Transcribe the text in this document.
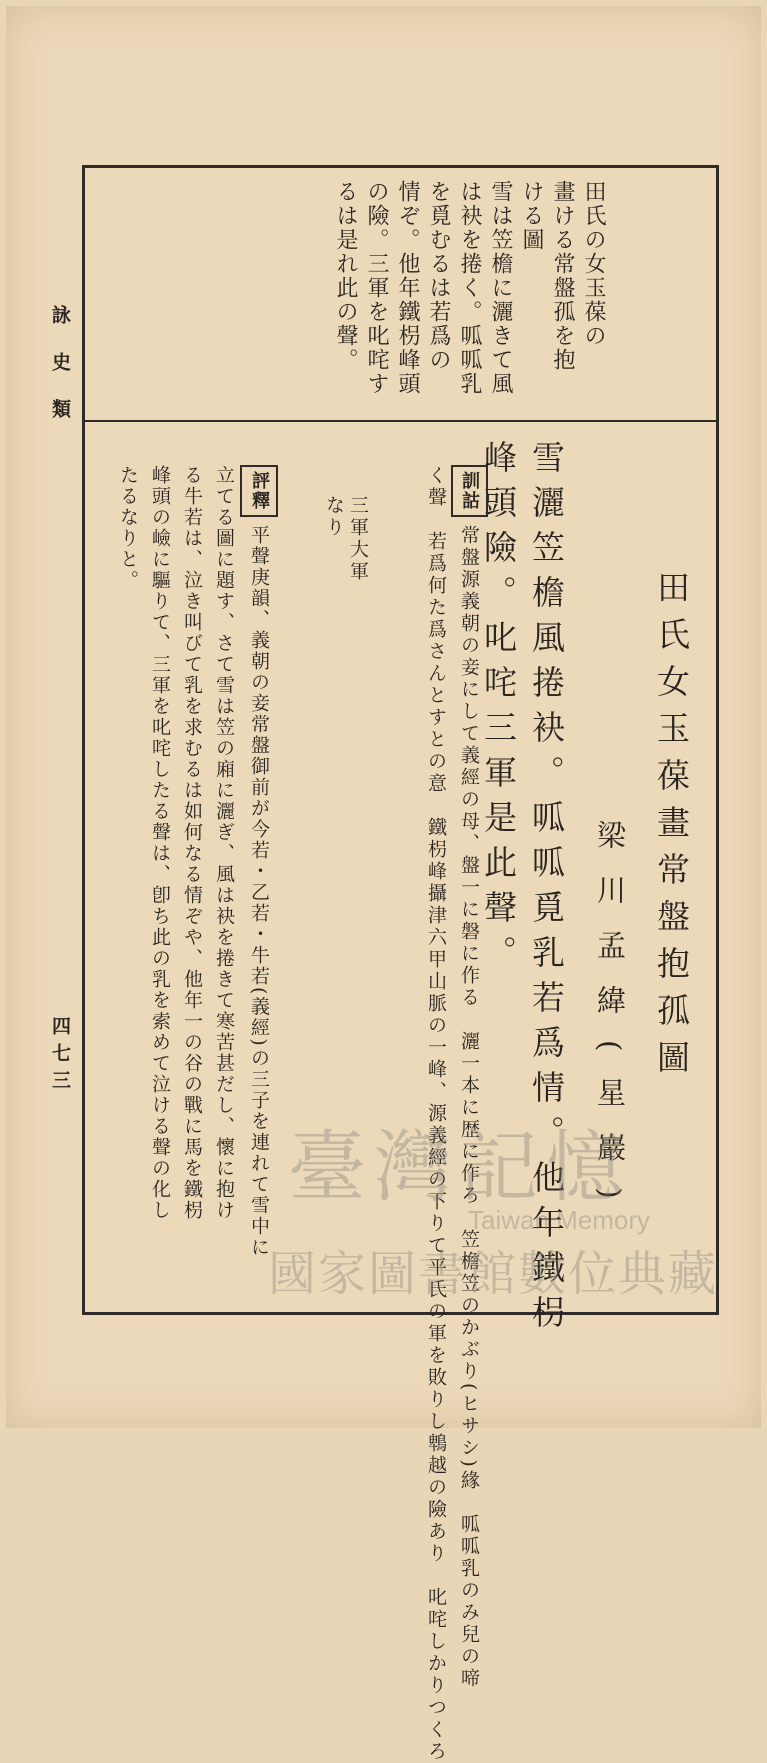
詠史類
四七三
田氏の女玉葆の
畫ける常盤孤を抱
ける圖
雪は笠檐に灑きて風
は袂を捲く。呱呱乳
を覓むるは若爲の
情ぞ。他年鐵枴峰頭
の險。三軍を叱咤す
るは是れ此の聲。
田氏女玉葆畫常盤抱孤圖
梁川孟緯(星巖)
雪灑笠檐風捲袂。呱呱覓乳若爲情。他年鐵枴
峰頭險。叱咤三軍是此聲。
訓詁常盤源義朝の妾にして義經の母、盤一に磐に作る　灑一本に歴に作ろ　笠檐笠のかぶり(ヒサシ)緣　呱呱乳のみ兒の啼
く聲　若爲何た爲さんとすとの意　鐵枴峰攝津六甲山脈の一峰、源義經の下りて平氏の軍を敗りし鵯越の險あり　叱咤しかりつくろ
三軍大軍
なり
評釋平聲庚韻、義朝の妾常盤御前が今若・乙若・牛若(義經)の三子を連れて雪中に
立てる圖に題す、さて雪は笠の廂に灑ぎ、風は袂を捲きて寒苦甚だし、懷に抱け
る牛若は、泣き叫びて乳を求むるは如何なる情ぞや、他年一の谷の戰に馬を鐵枴
峰頭の嶮に驅りて、三軍を叱咤したる聲は、卽ち此の乳を索めて泣ける聲の化し
たるなりと。
臺灣記憶
Taiwan Memory
國家圖書館數位典藏
